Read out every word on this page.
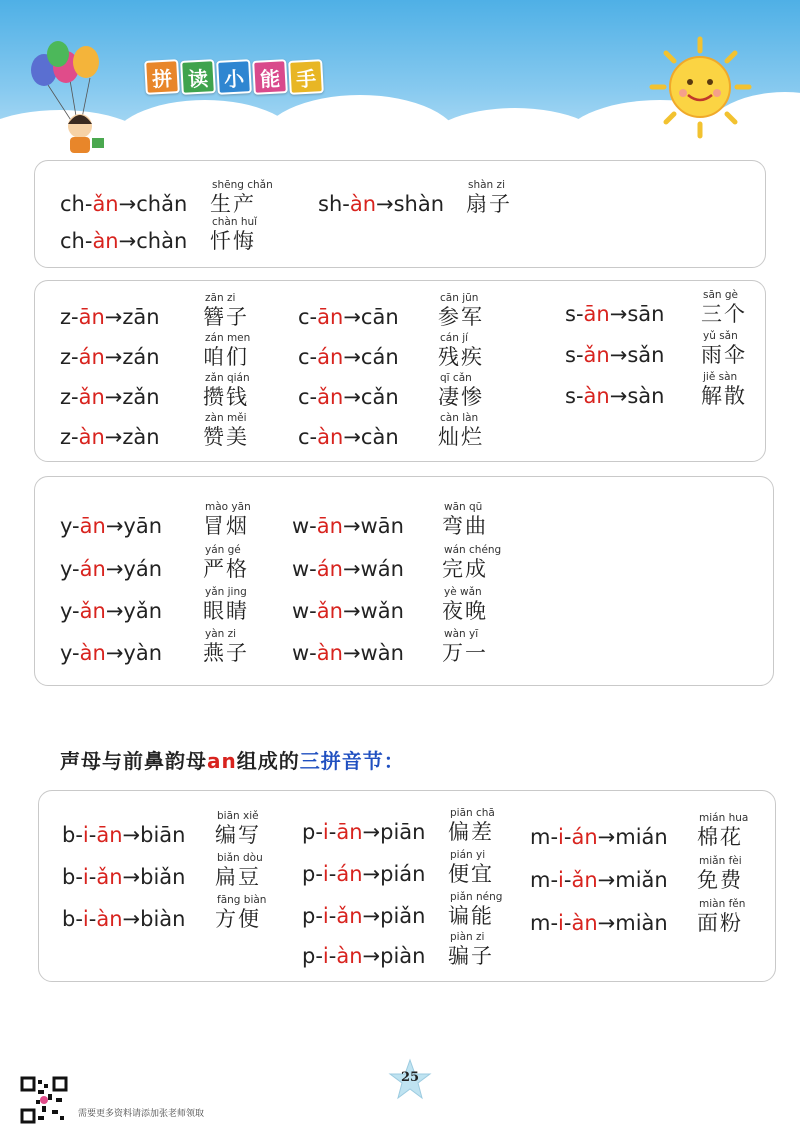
拼 读 小 能 手
ch-ǎn→chǎn
shēng chǎn
生产	sh-àn→shàn
shàn zi
扇子
ch-àn→chàn
chàn huǐ
忏悔
z-ān→zān
zān zi
簪子
z-án→zán
zán men
咱们
z-ǎn→zǎn
zǎn qián
攒钱
z-àn→zàn
zàn měi
赞美
c-ān→cān
cān jūn
参军
c-án→cán
cán jí
残疾
c-ǎn→cǎn
qī cǎn
凄惨
c-àn→càn
càn làn
灿烂
s-ān→sān
sān gè
三个
s-ǎn→sǎn
yǔ sǎn
雨伞
s-àn→sàn
jiě sàn
解散
y-ān→yān
mào yān
冒烟
y-án→yán
yán gé
严格
y-ǎn→yǎn
yǎn jing
眼睛
y-àn→yàn
yàn zi
燕子
w-ān→wān
wān qū
弯曲
w-án→wán
wán chéng
完成
w-ǎn→wǎn
yè wǎn
夜晚
w-àn→wàn
wàn yī
万一
声母与前鼻韵母an组成的三拼音节：
b-i-ān→biān
biān xiě
编写
b-i-ǎn→biǎn
biǎn dòu
扁豆
b-i-àn→biàn
fāng biàn
方便
p-i-ān→piān
piān chā
偏差
p-i-án→pián
pián yi
便宜
p-i-ǎn→piǎn
piǎn néng
谝能
p-i-àn→piàn
piàn zi
骗子
m-i-án→mián
mián hua
棉花
m-i-ǎn→miǎn
miǎn fèi
免费
m-i-àn→miàn
miàn fěn
面粉
25
需要更多资料请添加张老师领取
